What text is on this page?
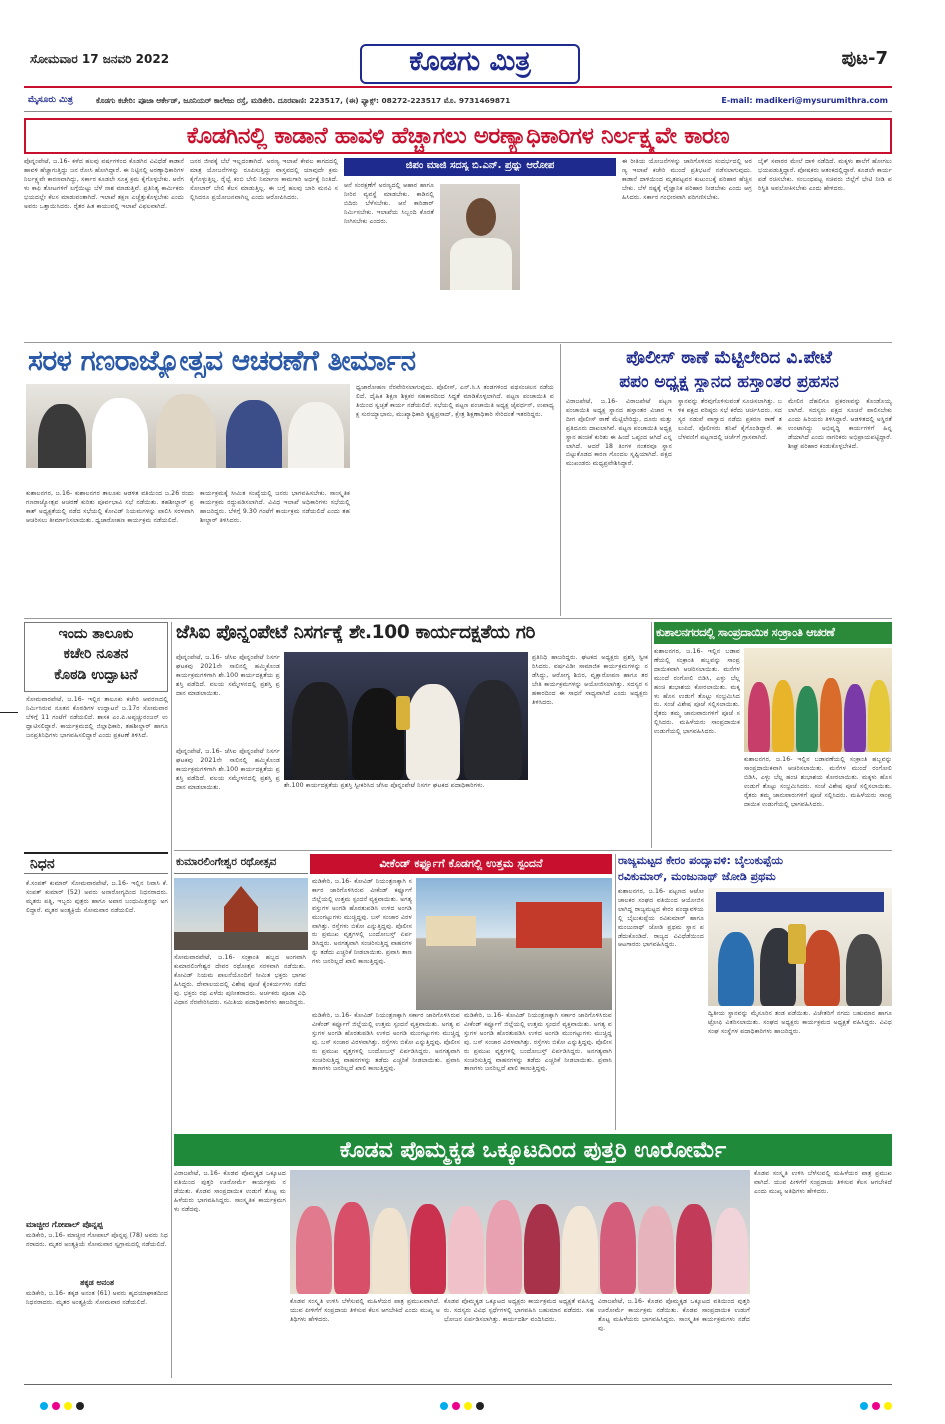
ಸೋಮವಾರ 17 ಜನವರಿ 2022	ಕೊಡಗು ಮಿತ್ರ	ಪುಟ-7
ಮೈಸೂರು ಮಿತ್ರ	ಕೊಡಗು ಕಚೇರಿ: ಪೂಜಾ ಆರ್ಕೇಡ್, ಜೂನಿಯರ್ ಕಾಲೇಜು ರಸ್ತೆ, ಮಡಿಕೇರಿ. ದೂರವಾಣಿ: 223517, (ಈ) ಫ್ಯಾಕ್ಸ್: 08272-223517 ಮೊ. 9731469871	E-mail: madikeri@mysurumithra.com
ಕೊಡಗಿನಲ್ಲಿ ಕಾಡಾನೆ ಹಾವಳಿ ಹೆಚ್ಚಾಗಲು ಅರಣ್ಯಾಧಿಕಾರಿಗಳ ನಿರ್ಲಕ್ಷ್ಯವೇ ಕಾರಣ
ಪೊನ್ನಂಪೇಟೆ, ಜ.16- ಕಳೆದ ಹಲವು ವರ್ಷಗಳಿಂದ ಕೊಡಗಿನ ವಿವಿಧೆಡೆ ಕಾಡಾನೆ ಹಾವಳಿ ಹೆಚ್ಚಾಗುತ್ತಿದ್ದು ಜನ ರೋಸಿ ಹೋಗಿದ್ದಾರೆ. ಈ ನಿಟ್ಟಿನಲ್ಲಿ ಅರಣ್ಯಾಧಿಕಾರಿಗಳ ನಿರ್ಲಕ್ಷ್ಯವೇ ಕಾರಣವಾಗಿದ್ದು, ಸರ್ಕಾರ ಕೂಡಲೇ ಸೂಕ್ತ ಕ್ರಮ ಕೈಗೊಳ್ಳಬೇಕು. ಆನೆಗಳು ಕಾಫಿ ತೋಟಗಳಿಗೆ ಲಗ್ಗೆಯಿಟ್ಟು ಬೆಳೆ ನಾಶ ಮಾಡುತ್ತಿವೆ. ಪ್ರತಿನಿತ್ಯ ಕಾರ್ಮಿಕರು ಭಯದಲ್ಲೇ ಕೆಲಸ ಮಾಡುವಂತಾಗಿದೆ. ಇಲಾಖೆ ತಕ್ಷಣ ಎಚ್ಚೆತ್ತುಕೊಳ್ಳಬೇಕು ಎಂದು ಅವರು ಒತ್ತಾಯಿಸಿದರು. ರೈತರ ಹಿತ ಕಾಯುವಲ್ಲಿ ಇಲಾಖೆ ವಿಫಲವಾಗಿದೆ.
ಜನರ ಜೀವಕ್ಕೆ ಬೆಲೆ ಇಲ್ಲದಂತಾಗಿದೆ. ಅರಣ್ಯ ಇಲಾಖೆ ಕೇವಲ ಕಾಗದದಲ್ಲಿ ಮಾತ್ರ ಯೋಜನೆಗಳನ್ನು ರೂಪಿಸುತ್ತಿದ್ದು ವಾಸ್ತವದಲ್ಲಿ ಯಾವುದೇ ಕ್ರಮ ಕೈಗೊಳ್ಳುತ್ತಿಲ್ಲ. ರೈಲ್ವೆ ಕಂಬಿ ಬೇಲಿ ನಿರ್ಮಾಣ ಕಾಮಗಾರಿ ಅರ್ಧಕ್ಕೆ ನಿಂತಿದೆ. ಸೋಲಾರ್ ಬೇಲಿ ಕೆಲಸ ಮಾಡುತ್ತಿಲ್ಲ. ಈ ಬಗ್ಗೆ ಹಲವು ಬಾರಿ ಮನವಿ ಸಲ್ಲಿಸಿದರೂ ಪ್ರಯೋಜನವಾಗಿಲ್ಲ ಎಂದು ಆರೋಪಿಸಿದರು.
ಜಿಪಂ ಮಾಜಿ ಸದಸ್ಯ ಬಿ.ಎನ್. ಪ್ರಥ್ಯು ಆರೋಪ
ಆನೆ ಸಂರಕ್ಷಣೆಗೆ ಅರಣ್ಯದಲ್ಲಿ ಆಹಾರ ಹಾಗೂ ನೀರಿನ ವ್ಯವಸ್ಥೆ ಮಾಡಬೇಕು. ಕಾಡಿನಲ್ಲಿ ಬಿದಿರು ಬೆಳೆಸಬೇಕು. ಆನೆ ಕಾರಿಡಾರ್ ನಿರ್ಮಿಸಬೇಕು. ಇಲಾಖೆಯ ಸಿಬ್ಬಂದಿ ಕೊರತೆ ನೀಗಿಸಬೇಕು ಎಂದರು.
ಈ ರೀತಿಯ ಯೋಜನೆಗಳನ್ನು ಜಾರಿಗೊಳಿಸದ ಸಂದರ್ಭದಲ್ಲಿ ಅರಣ್ಯ ಇಲಾಖೆ ಕಚೇರಿ ಮುಂದೆ ಪ್ರತಿಭಟನೆ ನಡೆಸಲಾಗುವುದು. ಕಾಡಾನೆ ದಾಳಿಯಿಂದ ಮೃತಪಟ್ಟವರ ಕುಟುಂಬಕ್ಕೆ ಪರಿಹಾರ ಹೆಚ್ಚಿಸಬೇಕು. ಬೆಳೆ ನಷ್ಟಕ್ಕೆ ವೈಜ್ಞಾನಿಕ ಪರಿಹಾರ ನೀಡಬೇಕು ಎಂದು ಆಗ್ರಹಿಸಿದರು. ಸರ್ಕಾರ ಗಂಭೀರವಾಗಿ ಪರಿಗಣಿಸಬೇಕು.
ಬೈಕ್ ಸವಾರರ ಮೇಲೆ ದಾಳಿ ನಡೆದಿದೆ. ಮಕ್ಕಳು ಶಾಲೆಗೆ ಹೋಗಲು ಭಯಪಡುತ್ತಿದ್ದಾರೆ. ಪೋಷಕರು ಆತಂಕದಲ್ಲಿದ್ದಾರೆ. ಕೂಡಲೇ ಕಾರ್ಯಪಡೆ ರಚಿಸಬೇಕು. ಸಂಬಂಧಪಟ್ಟ ಸಚಿವರು ಜಿಲ್ಲೆಗೆ ಭೇಟಿ ನೀಡಿ ಪರಿಸ್ಥಿತಿ ಅವಲೋಕಿಸಬೇಕು ಎಂದು ಹೇಳಿದರು.
ಸರಳ ಗಣರಾಜ್ಯೋತ್ಸವ ಆಚರಣೆಗೆ ತೀರ್ಮಾನ
ಕುಶಾಲನಗರ, ಜ.16- ಕುಶಾಲನಗರ ತಾಲೂಕು ಆಡಳಿತ ವತಿಯಿಂದ ಜ.26 ರಂದು ಗಣರಾಜ್ಯೋತ್ಸವ ಆಚರಣೆ ಕುರಿತು ಪೂರ್ವಭಾವಿ ಸಭೆ ನಡೆಯಿತು. ತಹಶೀಲ್ದಾರ್ ಪ್ರಕಾಶ್ ಅಧ್ಯಕ್ಷತೆಯಲ್ಲಿ ನಡೆದ ಸಭೆಯಲ್ಲಿ ಕೋವಿಡ್ ನಿಯಮಗಳನ್ನು ಪಾಲಿಸಿ ಸರಳವಾಗಿ ಆಚರಿಸಲು ತೀರ್ಮಾನಿಸಲಾಯಿತು. ಧ್ವಜಾರೋಹಣ ಕಾರ್ಯಕ್ರಮ ನಡೆಯಲಿದೆ.
ಕಾರ್ಯಕ್ರಮಕ್ಕೆ ಸೀಮಿತ ಸಂಖ್ಯೆಯಲ್ಲಿ ಜನರು ಭಾಗವಹಿಸಬೇಕು. ಸಾಂಸ್ಕೃತಿಕ ಕಾರ್ಯಕ್ರಮ ರದ್ದುಪಡಿಸಲಾಗಿದೆ. ವಿವಿಧ ಇಲಾಖೆ ಅಧಿಕಾರಿಗಳು ಸಭೆಯಲ್ಲಿ ಹಾಜರಿದ್ದರು. ಬೆಳಿಗ್ಗೆ 9.30 ಗಂಟೆಗೆ ಕಾರ್ಯಕ್ರಮ ನಡೆಯಲಿದೆ ಎಂದು ತಹಶೀಲ್ದಾರ್ ತಿಳಿಸಿದರು.
ಧ್ವಜಾರೋಹಣ ನೆರವೇರಿಸಲಾಗುವುದು. ಪೊಲೀಸ್, ಎನ್.ಸಿ.ಸಿ ತಂಡಗಳಿಂದ ಪಥಸಂಚಲನ ನಡೆಯಲಿದೆ. ದೈಹಿಕ ಶಿಕ್ಷಣ ಶಿಕ್ಷಕರ ಸಹಕಾರದಿಂದ ಸಿದ್ಧತೆ ಮಾಡಿಕೊಳ್ಳಲಾಗಿದೆ. ಪಟ್ಟಣ ಪಂಚಾಯಿತಿ ವತಿಯಿಂದ ಸ್ವಚ್ಛತೆ ಕಾರ್ಯ ನಡೆಯಲಿದೆ. ಸಭೆಯಲ್ಲಿ ಪಟ್ಟಣ ಪಂಚಾಯಿತಿ ಅಧ್ಯಕ್ಷ ಜೈವರ್ಧನ್, ಉಪಾಧ್ಯಕ್ಷ ಸುರಯ್ಯಾಭಾನು, ಮುಖ್ಯಾಧಿಕಾರಿ ಕೃಷ್ಣಪ್ರಸಾದ್, ಕ್ಷೇತ್ರ ಶಿಕ್ಷಣಾಧಿಕಾರಿ ಸೇರಿದಂತೆ ಇತರರಿದ್ದರು.
ಪೊಲೀಸ್ ಠಾಣೆ ಮೆಟ್ಟಿಲೇರಿದ ವಿ.ಪೇಟೆ
ಪಪಂ ಅಧ್ಯಕ್ಷ ಸ್ಥಾನದ ಹಸ್ತಾಂತರ ಪ್ರಹಸನ
ವಿರಾಜಪೇಟೆ, ಜ.16- ವಿರಾಜಪೇಟೆ ಪಟ್ಟಣ ಪಂಚಾಯಿತಿ ಅಧ್ಯಕ್ಷ ಸ್ಥಾನದ ಹಸ್ತಾಂತರ ವಿಚಾರ ಇದೀಗ ಪೊಲೀಸ್ ಠಾಣೆ ಮೆಟ್ಟಿಲೇರಿದ್ದು, ದೂರು ಮತ್ತು ಪ್ರತಿದೂರು ದಾಖಲಾಗಿವೆ. ಪಟ್ಟಣ ಪಂಚಾಯಿತಿ ಅಧ್ಯಕ್ಷ ಸ್ಥಾನ ಹಂಚಿಕೆ ಕುರಿತು ಈ ಹಿಂದೆ ಒಪ್ಪಂದ ಆಗಿದೆ ಎನ್ನಲಾಗಿದೆ. ಆದರೆ 18 ತಿಂಗಳ ನಂತರವೂ ಸ್ಥಾನ ಬಿಟ್ಟುಕೊಡದ ಕಾರಣ ಗೊಂದಲ ಸೃಷ್ಟಿಯಾಗಿದೆ. ಪಕ್ಷದ ಮುಖಂಡರು ಮಧ್ಯಪ್ರವೇಶಿಸಿದ್ದಾರೆ.
ಸ್ಥಾನವನ್ನು ತೆರವುಗೊಳಿಸುವಂತೆ ಸೂಚಿಸಲಾಗಿತ್ತು. ಬಳಿಕ ಪಕ್ಷದ ವರಿಷ್ಠರು ಸಭೆ ಕರೆದು ಚರ್ಚಿಸಿದರು. ಸದಸ್ಯರ ನಡುವೆ ವಾಗ್ವಾದ ನಡೆದು ಪ್ರಕರಣ ಠಾಣೆ ತಲುಪಿದೆ. ಪೊಲೀಸರು ತನಿಖೆ ಕೈಗೊಂಡಿದ್ದಾರೆ. ಈ ಬೆಳವಣಿಗೆ ಪಟ್ಟಣದಲ್ಲಿ ಚರ್ಚೆಗೆ ಗ್ರಾಸವಾಗಿದೆ.
ಮೇಲಿನ ದೆಹಲಿಗೂ ಪ್ರಕರಣವನ್ನು ಕೊಂಡೊಯ್ಯಲಾಗಿದೆ. ಸದಸ್ಯರು ಪಕ್ಷದ ಸೂಚನೆ ಪಾಲಿಸಬೇಕು ಎಂದು ಹಿರಿಯರು ತಿಳಿಸಿದ್ದಾರೆ. ಆಡಳಿತದಲ್ಲಿ ಅಸ್ಥಿರತೆ ಉಂಟಾಗಿದ್ದು ಅಭಿವೃದ್ಧಿ ಕಾರ್ಯಗಳಿಗೆ ಹಿನ್ನಡೆಯಾಗಿದೆ ಎಂದು ನಾಗರಿಕರು ಅಭಿಪ್ರಾಯಪಟ್ಟಿದ್ದಾರೆ. ಶೀಘ್ರ ಪರಿಹಾರ ಕಂಡುಕೊಳ್ಳಬೇಕಿದೆ.
ಇಂದು ತಾಲೂಕು
ಕಚೇರಿ ನೂತನ
ಕೊಠಡಿ ಉದ್ಘಾಟನೆ
ಸೋಮವಾರಪೇಟೆ, ಜ.16- ಇಲ್ಲಿನ ತಾಲೂಕು ಕಚೇರಿ ಆವರಣದಲ್ಲಿ ನಿರ್ಮಿಸಿರುವ ನೂತನ ಕೊಠಡಿಗಳ ಉದ್ಘಾಟನೆ ಜ.17ರ ಸೋಮವಾರ ಬೆಳಿಗ್ಗೆ 11 ಗಂಟೆಗೆ ನಡೆಯಲಿದೆ. ಶಾಸಕ ಎಂ.ಪಿ.ಅಪ್ಪಚ್ಚುರಂಜನ್ ಉದ್ಘಾಟಿಸಲಿದ್ದಾರೆ. ಕಾರ್ಯಕ್ರಮದಲ್ಲಿ ಜಿಲ್ಲಾಧಿಕಾರಿ, ತಹಶೀಲ್ದಾರ್ ಹಾಗೂ ಜನಪ್ರತಿನಿಧಿಗಳು ಭಾಗವಹಿಸಲಿದ್ದಾರೆ ಎಂದು ಪ್ರಕಟಣೆ ತಿಳಿಸಿದೆ.
ನಿಧನ
ಕೆ.ಸಂಪತ್ ಕುಮಾರ್ ಸೋಮವಾರಪೇಟೆ, ಜ.16- ಇಲ್ಲಿನ ನಿವಾಸಿ ಕೆ.ಸಂಪತ್ ಕುಮಾರ್ (52) ಅವರು ಅನಾರೋಗ್ಯದಿಂದ ನಿಧನರಾದರು. ಮೃತರು ಪತ್ನಿ, ಇಬ್ಬರು ಪುತ್ರರು ಹಾಗೂ ಅಪಾರ ಬಂಧುಮಿತ್ರರನ್ನು ಅಗಲಿದ್ದಾರೆ. ಮೃತರ ಅಂತ್ಯಕ್ರಿಯೆ ಸೋಮವಾರ ನಡೆಯಲಿದೆ.
ಮಾಚ್ಚೀರ ಗೋಪಾಲ್ ಪೊನ್ನಪ್ಪ
ಮಡಿಕೇರಿ, ಜ.16- ಮಾಚ್ಚೀರ ಗೋಪಾಲ್ ಪೊನ್ನಪ್ಪ (78) ಅವರು ನಿಧನರಾದರು. ಮೃತರ ಅಂತ್ಯಕ್ರಿಯೆ ಸೋಮವಾರ ಸ್ವಗ್ರಾಮದಲ್ಲಿ ನಡೆಯಲಿದೆ.
ತಕ್ಕಡ ಅನಂತ
ಮಡಿಕೇರಿ, ಜ.16- ತಕ್ಕಡ ಅನಂತ (61) ಅವರು ಹೃದಯಾಘಾತದಿಂದ ನಿಧನರಾದರು. ಮೃತರ ಅಂತ್ಯಕ್ರಿಯೆ ಸೋಮವಾರ ನಡೆಯಲಿದೆ.
ಜೆಸಿಐ ಪೊನ್ನಂಪೇಟೆ ನಿಸರ್ಗಕ್ಕೆ ಶೇ.100 ಕಾರ್ಯದಕ್ಷತೆಯ ಗರಿ
ಪೊನ್ನಂಪೇಟೆ, ಜ.16- ಜೆಸಿಐ ಪೊನ್ನಂಪೇಟೆ ನಿಸರ್ಗ ಘಟಕವು 2021ನೇ ಸಾಲಿನಲ್ಲಿ ಹಮ್ಮಿಕೊಂಡ ಕಾರ್ಯಕ್ರಮಗಳಿಗಾಗಿ ಶೇ.100 ಕಾರ್ಯದಕ್ಷತೆಯ ಪ್ರಶಸ್ತಿ ಪಡೆದಿದೆ. ವಲಯ ಸಮ್ಮೇಳನದಲ್ಲಿ ಪ್ರಶಸ್ತಿ ಪ್ರದಾನ ಮಾಡಲಾಯಿತು.
ಶೇ.100 ಕಾರ್ಯದಕ್ಷತೆಯ ಪ್ರಶಸ್ತಿ ಸ್ವೀಕರಿಸಿದ ಜೆಸಿಐ ಪೊನ್ನಂಪೇಟೆ ನಿಸರ್ಗ ಘಟಕದ ಪದಾಧಿಕಾರಿಗಳು.
ಪ್ರತಿನಿಧಿ ಹಾಜರಿದ್ದರು. ಘಟಕದ ಅಧ್ಯಕ್ಷರು ಪ್ರಶಸ್ತಿ ಸ್ವೀಕರಿಸಿದರು. ವರ್ಷವಿಡೀ ಸಾಮಾಜಿಕ ಕಾರ್ಯಕ್ರಮಗಳನ್ನು ನಡೆಸಿದ್ದು, ಆರೋಗ್ಯ ಶಿಬಿರ, ವೃಕ್ಷಾರೋಪಣ ಹಾಗೂ ತರಬೇತಿ ಕಾರ್ಯಕ್ರಮಗಳನ್ನು ಆಯೋಜಿಸಲಾಗಿತ್ತು. ಸದಸ್ಯರ ಸಹಕಾರದಿಂದ ಈ ಸಾಧನೆ ಸಾಧ್ಯವಾಗಿದೆ ಎಂದು ಅಧ್ಯಕ್ಷರು ತಿಳಿಸಿದರು.
ಪೊನ್ನಂಪೇಟೆ, ಜ.16- ಜೆಸಿಐ ಪೊನ್ನಂಪೇಟೆ ನಿಸರ್ಗ ಘಟಕವು 2021ನೇ ಸಾಲಿನಲ್ಲಿ ಹಮ್ಮಿಕೊಂಡ ಕಾರ್ಯಕ್ರಮಗಳಿಗಾಗಿ ಶೇ.100 ಕಾರ್ಯದಕ್ಷತೆಯ ಪ್ರಶಸ್ತಿ ಪಡೆದಿದೆ. ವಲಯ ಸಮ್ಮೇಳನದಲ್ಲಿ ಪ್ರಶಸ್ತಿ ಪ್ರದಾನ ಮಾಡಲಾಯಿತು.
ಕುಶಾಲನಗರದಲ್ಲಿ ಸಾಂಪ್ರದಾಯಿಕ ಸಂಕ್ರಾಂತಿ ಆಚರಣೆ
ಕುಶಾಲನಗರ, ಜ.16- ಇಲ್ಲಿನ ಬಡಾವಣೆಯಲ್ಲಿ ಸಂಕ್ರಾಂತಿ ಹಬ್ಬವನ್ನು ಸಾಂಪ್ರದಾಯಿಕವಾಗಿ ಆಚರಿಸಲಾಯಿತು. ಮನೆಗಳ ಮುಂದೆ ರಂಗೋಲಿ ಬಿಡಿಸಿ, ಎಳ್ಳು ಬೆಲ್ಲ ಹಂಚಿ ಶುಭಾಶಯ ಕೋರಲಾಯಿತು. ಮಕ್ಕಳು ಹೊಸ ಉಡುಗೆ ತೊಟ್ಟು ಸಂಭ್ರಮಿಸಿದರು. ಸಂಜೆ ವಿಶೇಷ ಪೂಜೆ ಸಲ್ಲಿಸಲಾಯಿತು. ರೈತರು ತಮ್ಮ ಜಾನುವಾರುಗಳಿಗೆ ಪೂಜೆ ಸಲ್ಲಿಸಿದರು. ಮಹಿಳೆಯರು ಸಾಂಪ್ರದಾಯಿಕ ಉಡುಗೆಯಲ್ಲಿ ಭಾಗವಹಿಸಿದರು.
ಕುಶಾಲನಗರ, ಜ.16- ಇಲ್ಲಿನ ಬಡಾವಣೆಯಲ್ಲಿ ಸಂಕ್ರಾಂತಿ ಹಬ್ಬವನ್ನು ಸಾಂಪ್ರದಾಯಿಕವಾಗಿ ಆಚರಿಸಲಾಯಿತು. ಮನೆಗಳ ಮುಂದೆ ರಂಗೋಲಿ ಬಿಡಿಸಿ, ಎಳ್ಳು ಬೆಲ್ಲ ಹಂಚಿ ಶುಭಾಶಯ ಕೋರಲಾಯಿತು. ಮಕ್ಕಳು ಹೊಸ ಉಡುಗೆ ತೊಟ್ಟು ಸಂಭ್ರಮಿಸಿದರು. ಸಂಜೆ ವಿಶೇಷ ಪೂಜೆ ಸಲ್ಲಿಸಲಾಯಿತು. ರೈತರು ತಮ್ಮ ಜಾನುವಾರುಗಳಿಗೆ ಪೂಜೆ ಸಲ್ಲಿಸಿದರು. ಮಹಿಳೆಯರು ಸಾಂಪ್ರದಾಯಿಕ ಉಡುಗೆಯಲ್ಲಿ ಭಾಗವಹಿಸಿದರು.
ಕುಮಾರಲಿಂಗೇಶ್ವರ ರಥೋತ್ಸವ
ಸೋಮವಾರಪೇಟೆ, ಜ.16- ಸಂಕ್ರಾಂತಿ ಹಬ್ಬದ ಅಂಗವಾಗಿ ಕುಮಾರಲಿಂಗೇಶ್ವರ ದೇವರ ರಥೋತ್ಸವ ಸರಳವಾಗಿ ನಡೆಯಿತು. ಕೋವಿಡ್ ನಿಯಮ ಪಾಲನೆಯೊಂದಿಗೆ ಸೀಮಿತ ಭಕ್ತರು ಭಾಗವಹಿಸಿದ್ದರು. ದೇವಾಲಯದಲ್ಲಿ ವಿಶೇಷ ಪೂಜೆ ಕೈಂಕರ್ಯಗಳು ನಡೆದವು. ಭಕ್ತರು ರಥ ಎಳೆದು ಪುನೀತರಾದರು. ಅರ್ಚಕರು ಪೂಜಾ ವಿಧಿ ವಿಧಾನ ನೆರವೇರಿಸಿದರು. ಸಮಿತಿಯ ಪದಾಧಿಕಾರಿಗಳು ಹಾಜರಿದ್ದರು.
ವೀಕೆಂಡ್ ಕರ್ಫ್ಯೂಗೆ ಕೊಡಗಲ್ಲಿ ಉತ್ತಮ ಸ್ಪಂದನೆ
ಮಡಿಕೇರಿ, ಜ.16- ಕೋವಿಡ್ ನಿಯಂತ್ರಣಕ್ಕಾಗಿ ಸರ್ಕಾರ ಜಾರಿಗೊಳಿಸಿರುವ ವೀಕೆಂಡ್ ಕರ್ಫ್ಯೂಗೆ ಜಿಲ್ಲೆಯಲ್ಲಿ ಉತ್ತಮ ಸ್ಪಂದನೆ ವ್ಯಕ್ತವಾಯಿತು. ಅಗತ್ಯ ವಸ್ತುಗಳ ಅಂಗಡಿ ಹೊರತುಪಡಿಸಿ ಉಳಿದ ಅಂಗಡಿ ಮುಂಗಟ್ಟುಗಳು ಮುಚ್ಚಿದ್ದವು. ಬಸ್ ಸಂಚಾರ ವಿರಳವಾಗಿತ್ತು. ರಸ್ತೆಗಳು ಬಿಕೋ ಎನ್ನುತ್ತಿದ್ದವು. ಪೊಲೀಸರು ಪ್ರಮುಖ ವೃತ್ತಗಳಲ್ಲಿ ಬಂದೋಬಸ್ತ್ ಏರ್ಪಡಿಸಿದ್ದರು. ಅನಗತ್ಯವಾಗಿ ಸಂಚರಿಸುತ್ತಿದ್ದ ವಾಹನಗಳನ್ನು ತಡೆದು ಎಚ್ಚರಿಕೆ ನೀಡಲಾಯಿತು. ಪ್ರವಾಸಿ ತಾಣಗಳು ಜನರಿಲ್ಲದೆ ಖಾಲಿ ಕಾಣುತ್ತಿದ್ದವು.
ಮಡಿಕೇರಿ, ಜ.16- ಕೋವಿಡ್ ನಿಯಂತ್ರಣಕ್ಕಾಗಿ ಸರ್ಕಾರ ಜಾರಿಗೊಳಿಸಿರುವ ವೀಕೆಂಡ್ ಕರ್ಫ್ಯೂಗೆ ಜಿಲ್ಲೆಯಲ್ಲಿ ಉತ್ತಮ ಸ್ಪಂದನೆ ವ್ಯಕ್ತವಾಯಿತು. ಅಗತ್ಯ ವಸ್ತುಗಳ ಅಂಗಡಿ ಹೊರತುಪಡಿಸಿ ಉಳಿದ ಅಂಗಡಿ ಮುಂಗಟ್ಟುಗಳು ಮುಚ್ಚಿದ್ದವು. ಬಸ್ ಸಂಚಾರ ವಿರಳವಾಗಿತ್ತು. ರಸ್ತೆಗಳು ಬಿಕೋ ಎನ್ನುತ್ತಿದ್ದವು. ಪೊಲೀಸರು ಪ್ರಮುಖ ವೃತ್ತಗಳಲ್ಲಿ ಬಂದೋಬಸ್ತ್ ಏರ್ಪಡಿಸಿದ್ದರು. ಅನಗತ್ಯವಾಗಿ ಸಂಚರಿಸುತ್ತಿದ್ದ ವಾಹನಗಳನ್ನು ತಡೆದು ಎಚ್ಚರಿಕೆ ನೀಡಲಾಯಿತು. ಪ್ರವಾಸಿ ತಾಣಗಳು ಜನರಿಲ್ಲದೆ ಖಾಲಿ ಕಾಣುತ್ತಿದ್ದವು.
ಮಡಿಕೇರಿ, ಜ.16- ಕೋವಿಡ್ ನಿಯಂತ್ರಣಕ್ಕಾಗಿ ಸರ್ಕಾರ ಜಾರಿಗೊಳಿಸಿರುವ ವೀಕೆಂಡ್ ಕರ್ಫ್ಯೂಗೆ ಜಿಲ್ಲೆಯಲ್ಲಿ ಉತ್ತಮ ಸ್ಪಂದನೆ ವ್ಯಕ್ತವಾಯಿತು. ಅಗತ್ಯ ವಸ್ತುಗಳ ಅಂಗಡಿ ಹೊರತುಪಡಿಸಿ ಉಳಿದ ಅಂಗಡಿ ಮುಂಗಟ್ಟುಗಳು ಮುಚ್ಚಿದ್ದವು. ಬಸ್ ಸಂಚಾರ ವಿರಳವಾಗಿತ್ತು. ರಸ್ತೆಗಳು ಬಿಕೋ ಎನ್ನುತ್ತಿದ್ದವು. ಪೊಲೀಸರು ಪ್ರಮುಖ ವೃತ್ತಗಳಲ್ಲಿ ಬಂದೋಬಸ್ತ್ ಏರ್ಪಡಿಸಿದ್ದರು. ಅನಗತ್ಯವಾಗಿ ಸಂಚರಿಸುತ್ತಿದ್ದ ವಾಹನಗಳನ್ನು ತಡೆದು ಎಚ್ಚರಿಕೆ ನೀಡಲಾಯಿತು. ಪ್ರವಾಸಿ ತಾಣಗಳು ಜನರಿಲ್ಲದೆ ಖಾಲಿ ಕಾಣುತ್ತಿದ್ದವು.
ರಾಜ್ಯಮಟ್ಟದ ಕೇರಂ ಪಂದ್ಯಾವಳಿ: ಬೈಲುಕುಪ್ಪೆಯ
ರವಿಕುಮಾರ್, ಮಂಜುನಾಥ್ ಜೋಡಿ ಪ್ರಥಮ
ಕುಶಾಲನಗರ, ಜ.16- ಪಟ್ಟಣದ ಆಟೋ ಚಾಲಕರ ಸಂಘದ ವತಿಯಿಂದ ಆಯೋಜಿಸಲಾಗಿದ್ದ ರಾಜ್ಯಮಟ್ಟದ ಕೇರಂ ಪಂದ್ಯಾವಳಿಯಲ್ಲಿ ಬೈಲುಕುಪ್ಪೆಯ ರವಿಕುಮಾರ್ ಹಾಗೂ ಮಂಜುನಾಥ್ ಜೋಡಿ ಪ್ರಥಮ ಸ್ಥಾನ ಪಡೆದುಕೊಂಡಿದೆ. ರಾಜ್ಯದ ವಿವಿಧೆಡೆಯಿಂದ ಆಟಗಾರರು ಭಾಗವಹಿಸಿದ್ದರು.
ದ್ವಿತೀಯ ಸ್ಥಾನವನ್ನು ಮೈಸೂರಿನ ತಂಡ ಪಡೆಯಿತು. ವಿಜೇತರಿಗೆ ನಗದು ಬಹುಮಾನ ಹಾಗೂ ಟ್ರೋಫಿ ವಿತರಿಸಲಾಯಿತು. ಸಂಘದ ಅಧ್ಯಕ್ಷರು ಕಾರ್ಯಕ್ರಮದ ಅಧ್ಯಕ್ಷತೆ ವಹಿಸಿದ್ದರು. ವಿವಿಧ ಸಂಘ ಸಂಸ್ಥೆಗಳ ಪದಾಧಿಕಾರಿಗಳು ಹಾಜರಿದ್ದರು.
ಕೊಡವ ಪೊಮ್ಮಕ್ಕಡ ಒಕ್ಕೂಟದಿಂದ ಪುತ್ತರಿ ಊರೋರ್ಮೆ
ವಿರಾಜಪೇಟೆ, ಜ.16- ಕೊಡವ ಪೊಮ್ಮಕ್ಕಡ ಒಕ್ಕೂಟದ ವತಿಯಿಂದ ಪುತ್ತರಿ ಊರೋರ್ಮೆ ಕಾರ್ಯಕ್ರಮ ನಡೆಯಿತು. ಕೊಡವ ಸಾಂಪ್ರದಾಯಿಕ ಉಡುಗೆ ತೊಟ್ಟ ಮಹಿಳೆಯರು ಭಾಗವಹಿಸಿದ್ದರು. ಸಾಂಸ್ಕೃತಿಕ ಕಾರ್ಯಕ್ರಮಗಳು ನಡೆದವು.
ಕೊಡವ ಸಂಸ್ಕೃತಿ ಉಳಿಸಿ ಬೆಳೆಸುವಲ್ಲಿ ಮಹಿಳೆಯರ ಪಾತ್ರ ಪ್ರಮುಖವಾಗಿದೆ. ಯುವ ಪೀಳಿಗೆಗೆ ಸಂಪ್ರದಾಯ ತಿಳಿಸುವ ಕೆಲಸ ಆಗಬೇಕಿದೆ ಎಂದು ಮುಖ್ಯ ಅತಿಥಿಗಳು ಹೇಳಿದರು.
ಕೊಡವ ಪೊಮ್ಮಕ್ಕಡ ಒಕ್ಕೂಟದ ಅಧ್ಯಕ್ಷರು ಕಾರ್ಯಕ್ರಮದ ಅಧ್ಯಕ್ಷತೆ ವಹಿಸಿದ್ದರು. ಸದಸ್ಯರು ವಿವಿಧ ಸ್ಪರ್ಧೆಗಳಲ್ಲಿ ಭಾಗವಹಿಸಿ ಬಹುಮಾನ ಪಡೆದರು. ಸಹಭೋಜನ ಏರ್ಪಡಿಸಲಾಗಿತ್ತು. ಕಾರ್ಯದರ್ಶಿ ವಂದಿಸಿದರು.
ವಿರಾಜಪೇಟೆ, ಜ.16- ಕೊಡವ ಪೊಮ್ಮಕ್ಕಡ ಒಕ್ಕೂಟದ ವತಿಯಿಂದ ಪುತ್ತರಿ ಊರೋರ್ಮೆ ಕಾರ್ಯಕ್ರಮ ನಡೆಯಿತು. ಕೊಡವ ಸಾಂಪ್ರದಾಯಿಕ ಉಡುಗೆ ತೊಟ್ಟ ಮಹಿಳೆಯರು ಭಾಗವಹಿಸಿದ್ದರು. ಸಾಂಸ್ಕೃತಿಕ ಕಾರ್ಯಕ್ರಮಗಳು ನಡೆದವು.
ಕೊಡವ ಸಂಸ್ಕೃತಿ ಉಳಿಸಿ ಬೆಳೆಸುವಲ್ಲಿ ಮಹಿಳೆಯರ ಪಾತ್ರ ಪ್ರಮುಖವಾಗಿದೆ. ಯುವ ಪೀಳಿಗೆಗೆ ಸಂಪ್ರದಾಯ ತಿಳಿಸುವ ಕೆಲಸ ಆಗಬೇಕಿದೆ ಎಂದು ಮುಖ್ಯ ಅತಿಥಿಗಳು ಹೇಳಿದರು.
